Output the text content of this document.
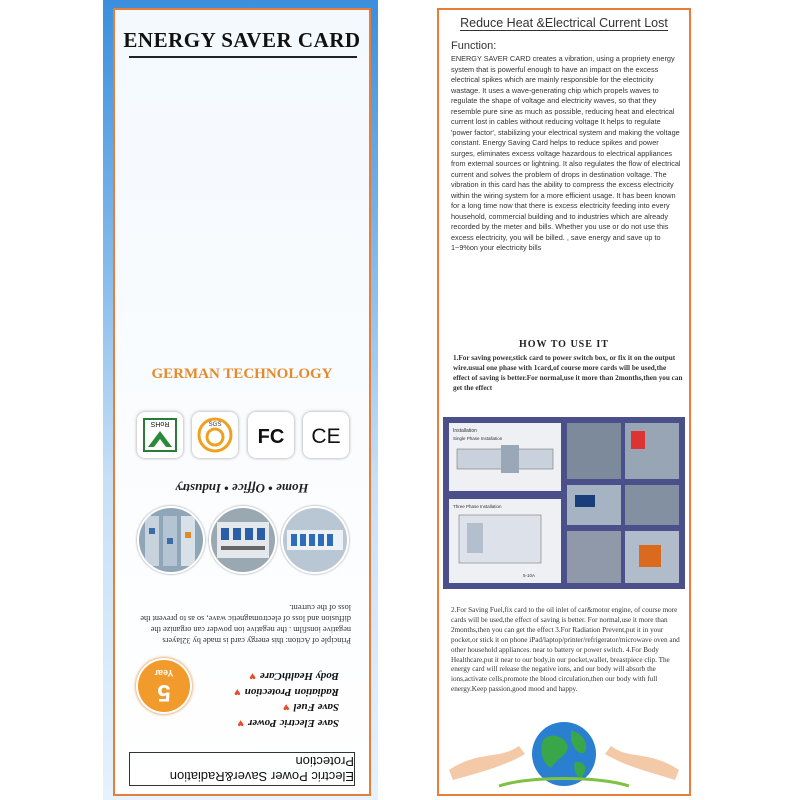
ENERGY SAVER CARD
GERMAN TECHNOLOGY
RoHS	SGS
FC CE
Home • Office • Industry
Principle of Action: this energy card is made by 32layers negative ionsfilm . the negative ion powder can organize the diffusion and loss of electromagnetic wave, so as to prevent the loss of the current.
Save Electric Power♥
Save Fuel♥
Radiation Protection♥
Body HealthCare♥
5
Year
Electric Power Saver&Radiation Protection
Reduce Heat &Electrical Current Lost
Function:
ENERGY SAVER CARD creates a vibration, using a propriety energy system that is powerful enough to have an impact on the excess electrical spikes which are mainly responsible for the electricity wastage. It uses a wave-generating chip which propels waves to regulate the shape of voltage and electricity waves, so that they resemble pure sine as much as possible, reducing heat and electrical current lost in cables without reducing voltage It helps to regulate 'power factor', stabilizing your electrical system and making the voltage constant. Energy Saving Card helps to reduce spikes and power surges, eliminates excess voltage hazardous to electrical appliances from external sources or lightning. It also regulates the flow of electrical current and solves the problem of drops in destination voltage. The vibration in this card has the ability to compress the excess electricity within the wiring system for a more efficient usage. It has been known for a long time now that there is excess electricity feeding into every household, commercial building and to industries which are already recorded by the meter and bills. Whether you use or do not use this excess electricity, you will be billed. , save energy and save up to 1~9%on your electricity bills
HOW TO USE IT
1.For saving power,stick card to power switch box, or fix it on the output wire.usual one phase with 1card,of course more cards will be used,the effect of saving is better.For normal,use it more than 2months,then you can get the effect
Installation
Single Phase Installation
Three Phase Installation
5-10A
2.For Saving Fuel,fix card to the oil inlet of car&motor engine, of course more cards will be used,the effect of saving is better. For normal,use it more than 2months,then you can get the effect 3.For Radiation Prevent,put it in your pocket,or stick it on phone iPad/laptop/printer/refrigerator/microwave oven and other household appliances. near to battery or power switch. 4.For Body Healthcare,put it near to our body,in our pocket,wallet, breastpiece clip. The energy card will release the negative ions, and our body will absorb the ions,activate cells,promote the blood circulation,then our body with full energy.Keep passion,good mood and happy.
